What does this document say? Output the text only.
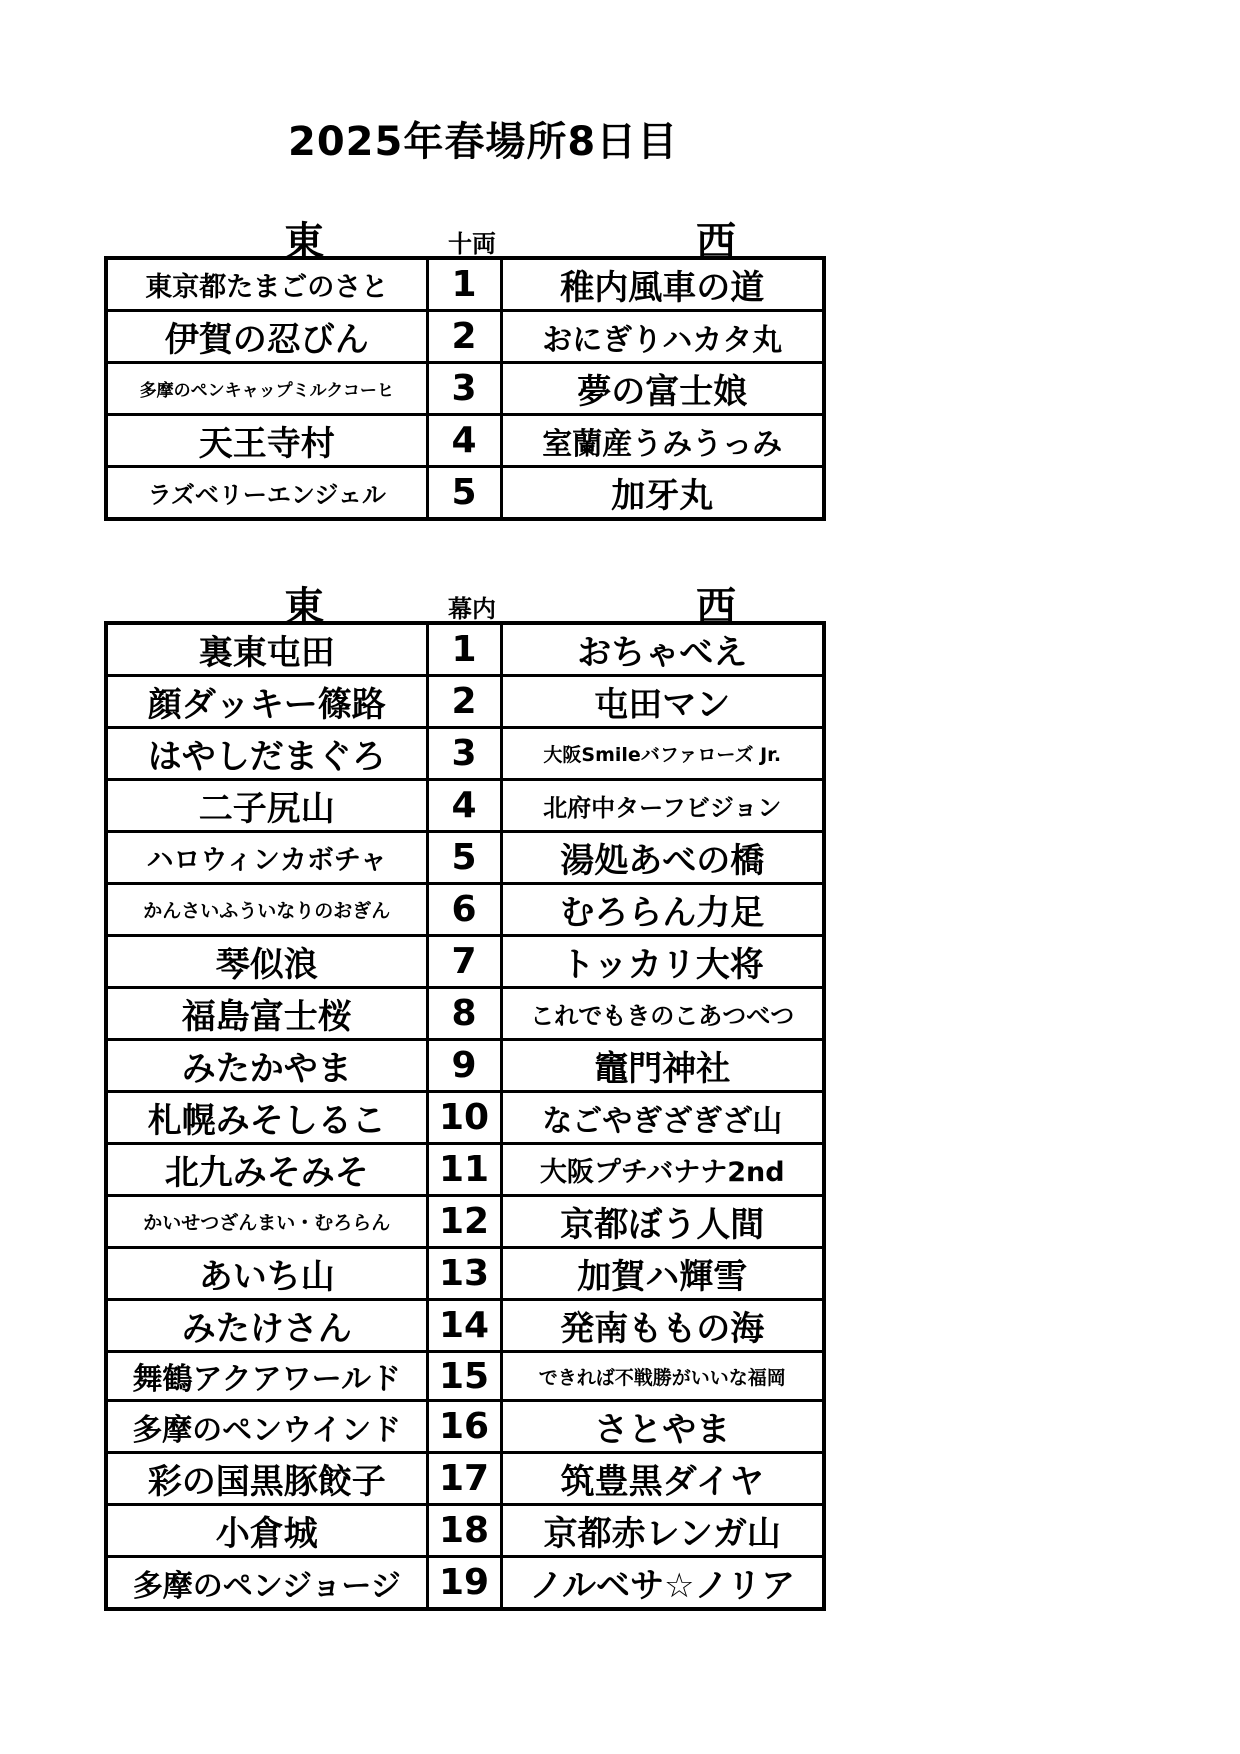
2025年春場所8日目
東	十両	西
東京都たまごのさと	1	稚内風車の道
伊賀の忍びん	2	おにぎりハカタ丸
多摩のペンキャップミルクコーヒ	3	夢の富士娘
天王寺村	4	室蘭産うみうっみ
ラズベリーエンジェル	5	加牙丸
東	幕内	西
裏東屯田	1	おちゃべえ
顔ダッキー篠路	2	屯田マン
はやしだまぐろ	3	大阪Smileバファローズ Jr.
二子尻山	4	北府中ターフビジョン
ハロウィンカボチャ	5	湯処あべの橋
かんさいふういなりのおぎん	6	むろらん力足
琴似浪	7	トッカリ大将
福島富士桜	8	これでもきのこあつべつ
みたかやま	9	竈門神社
札幌みそしるこ	10	なごやぎざぎざ山
北九みそみそ	11	大阪プチバナナ2nd
かいせつざんまい・むろらん	12	京都ぼう人間
あいち山	13	加賀ハ輝雪
みたけさん	14	発南ももの海
舞鶴アクアワールド	15	できれば不戦勝がいいな福岡
多摩のペンウインド	16	さとやま
彩の国黒豚餃子	17	筑豊黒ダイヤ
小倉城	18	京都赤レンガ山
多摩のペンジョージ	19	ノルベサ☆ノリア
